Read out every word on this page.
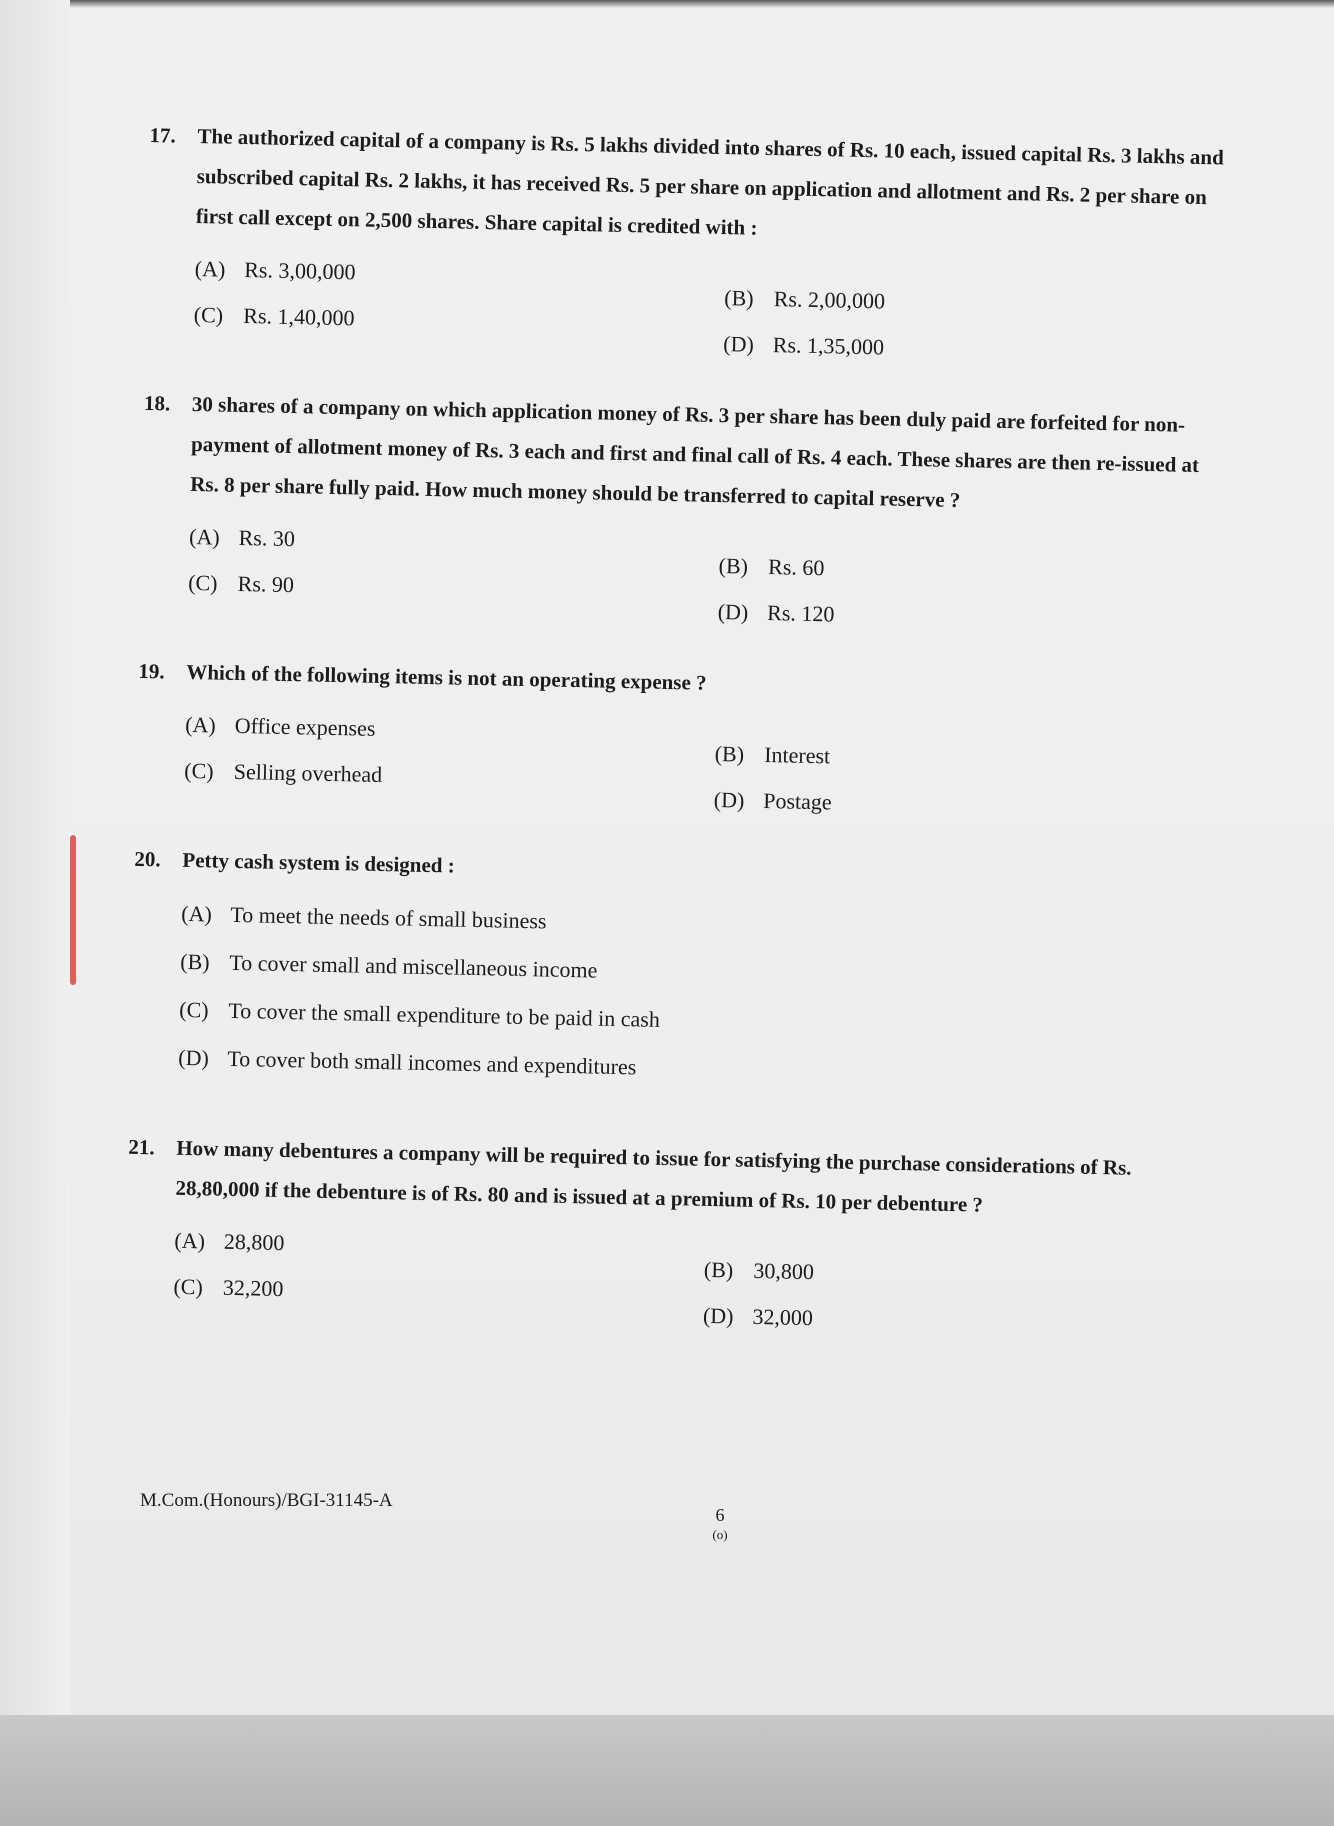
17.	The authorized capital of a company is Rs. 5 lakhs divided into shares of Rs. 10 each, issued capital Rs. 3 lakhs and subscribed capital Rs. 2 lakhs, it has received Rs. 5 per share on application and allotment and Rs. 2 per share on first call except on 2,500 shares. Share capital is credited with :
(A) Rs. 3,00,000
(B) Rs. 2,00,000
(C) Rs. 1,40,000
(D) Rs. 1,35,000
18.	30 shares of a company on which application money of Rs. 3 per share has been duly paid are forfeited for non-payment of allotment money of Rs. 3 each and first and final call of Rs. 4 each. These shares are then re-issued at Rs. 8 per share fully paid. How much money should be transferred to capital reserve ?
(A) Rs. 30
(B) Rs. 60
(C) Rs. 90
(D) Rs. 120
19.	Which of the following items is not an operating expense ?
(A) Office expenses
(B) Interest
(C) Selling overhead
(D) Postage
20.	Petty cash system is designed :
(A) To meet the needs of small business
(B) To cover small and miscellaneous income
(C) To cover the small expenditure to be paid in cash
(D) To cover both small incomes and expenditures
21.	How many debentures a company will be required to issue for satisfying the purchase considerations of Rs. 28,80,000 if the debenture is of Rs. 80 and is issued at a premium of Rs. 10 per debenture ?
(A) 28,800
(B) 30,800
(C) 32,200
(D) 32,000
M.Com.(Honours)/BGI-31145-A
6
(o)
